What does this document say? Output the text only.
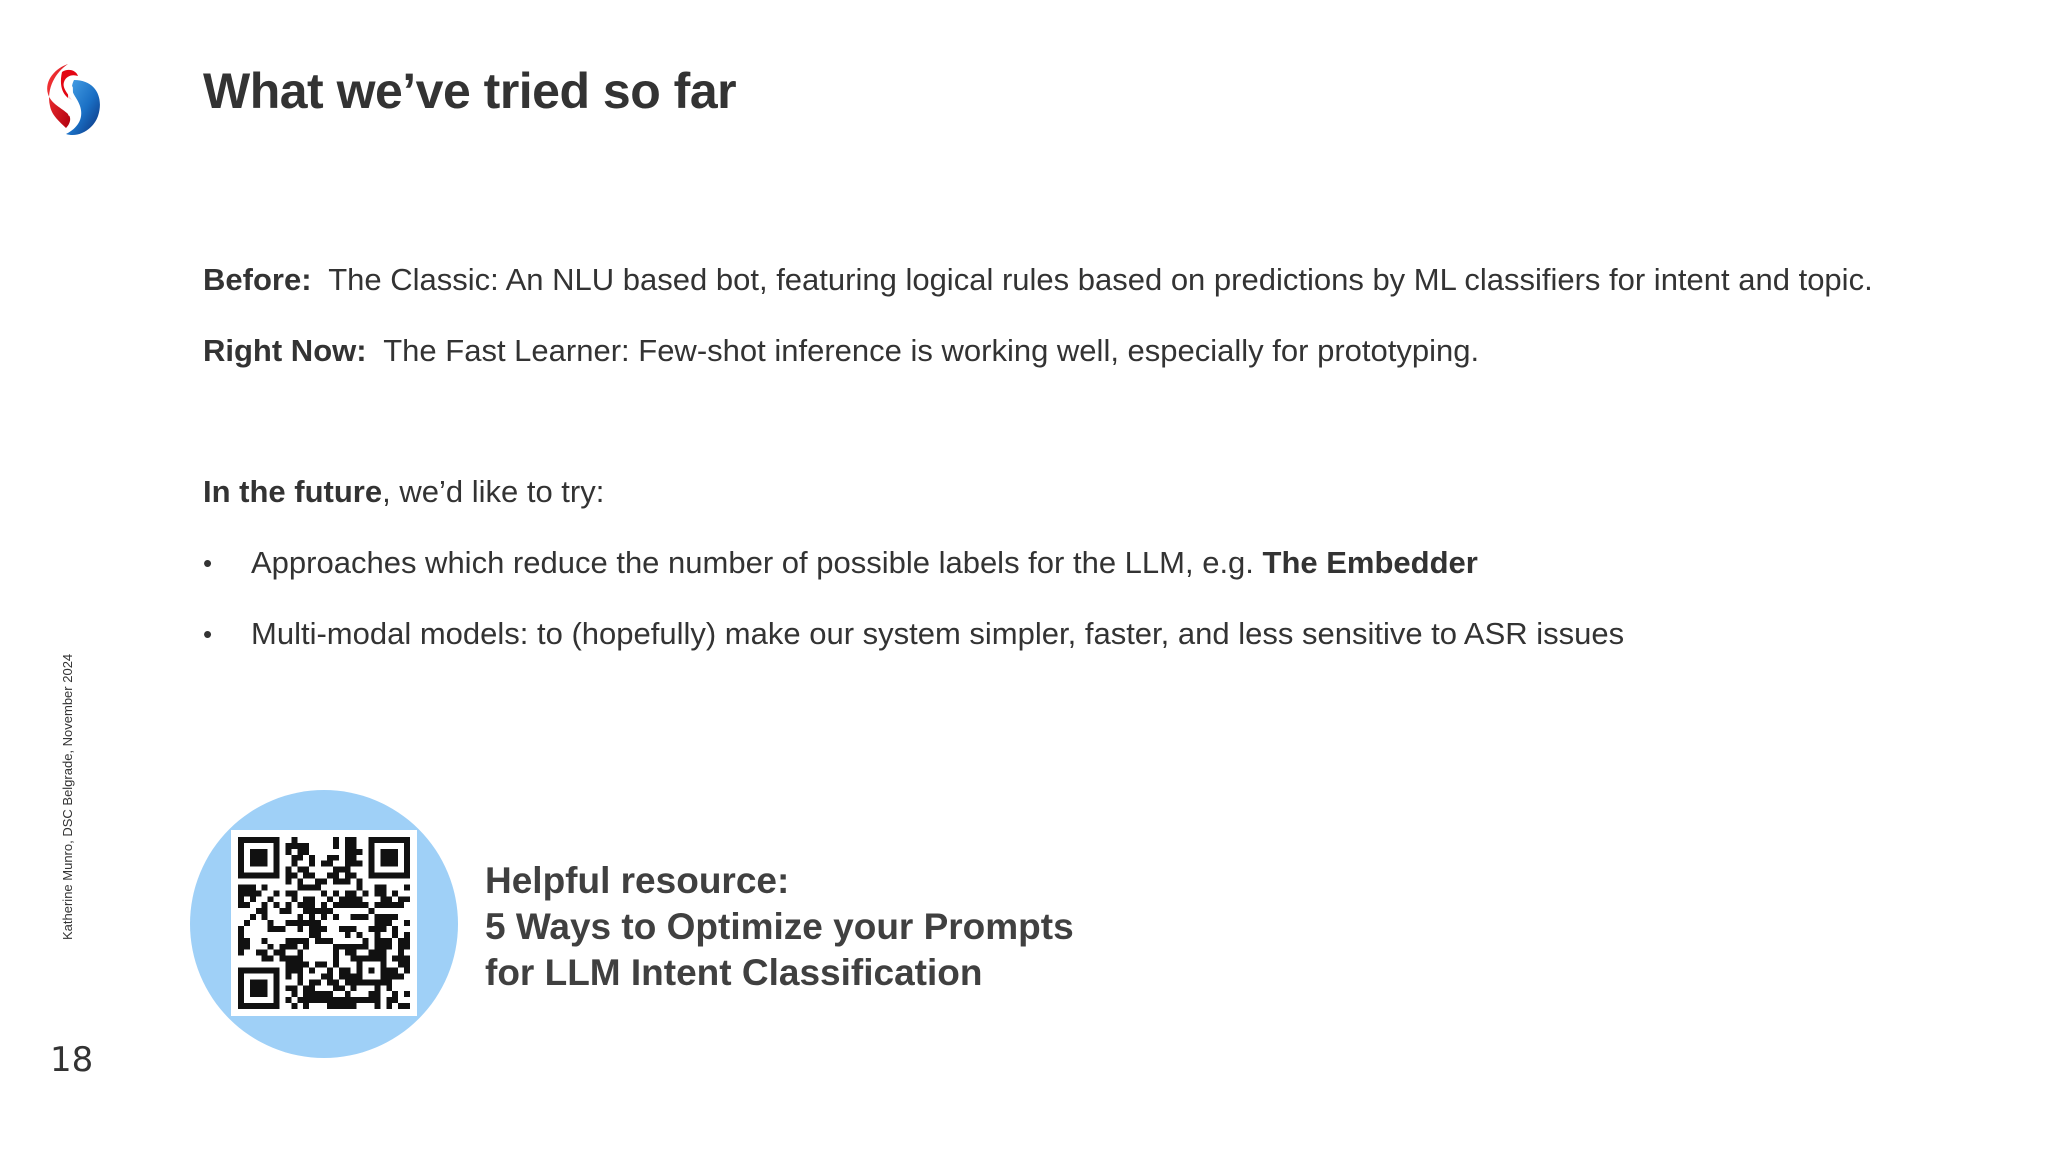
What we’ve tried so far

Before: The Classic: An NLU based bot, featuring logical rules based on predictions by ML classifiers for intent and topic.

Right Now: The Fast Learner: Few-shot inference is working well, especially for prototyping.

In the future, we’d like to try:

• Approaches which reduce the number of possible labels for the LLM, e.g. The Embedder
• Multi-modal models: to (hopefully) make our system simpler, faster, and less sensitive to ASR issues
Katherine Munro, DSC Belgrade, November 2024
18
Helpful resource:
5 Ways to Optimize your Prompts
for LLM Intent Classification
